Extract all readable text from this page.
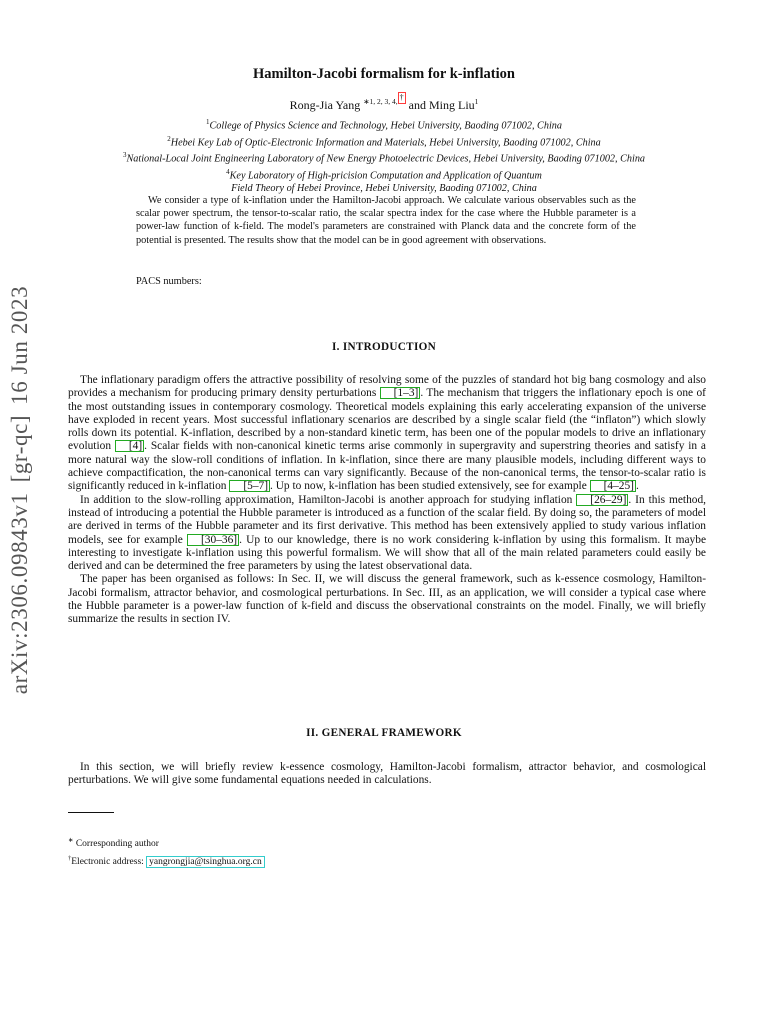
arXiv:2306.09843v1
[gr-qc]
16 Jun 2023
Hamilton-Jacobi formalism for k-inflation
Rong-Jia Yang $^{∗1, 2, 3, 4,}$ † and Ming Liu$^1$
$^1$College of Physics Science and Technology, Hebei University, Baoding 071002, China
$^2$Hebei Key Lab of Optic-Electronic Information and Materials, Hebei University, Baoding 071002, China
$^3$National-Local Joint Engineering Laboratory of New Energy Photoelectric Devices, Hebei University, Baoding 071002, China
$^4$Key Laboratory of High-pricision Computation and Application of Quantum
Field Theory of Hebei Province, Hebei University, Baoding 071002, China
We consider a type of k-inflation under the Hamilton-Jacobi approach. We calculate various observables such as the scalar power spectrum, the tensor-to-scalar ratio, the scalar spectra index for the case where the Hubble parameter is a power-law function of k-field. The model's parameters are constrained with Planck data and the concrete form of the potential is presented. The results show that the model can be in good agreement with observations.
PACS numbers:
I. INTRODUCTION

The inflationary paradigm offers the attractive possibility of resolving some of the puzzles of standard hot big bang cosmology and also provides a mechanism for producing primary density perturbations [1–3] . The mechanism that triggers the inflationary epoch is one of the most outstanding issues in contemporary cosmology. Theoretical models explaining this early accelerating expansion of the universe have exploded in recent years. Most successful inflationary scenarios are described by a single scalar field (the “inflaton”) which slowly rolls down its potential. K-inflation, described by a non-standard kinetic term, has been one of the popular models to drive an inflationary evolution [4] . Scalar fields with non-canonical kinetic terms arise commonly in supergravity and superstring theories and satisfy in a more natural way the slow-roll conditions of inflation. In k-inflation, since there are many plausible models, including different ways to achieve compactification, the non-canonical terms can vary significantly. Because of the non-canonical terms, the tensor-to-scalar ratio is significantly reduced in k-inflation [5–7] . Up to now, k-inflation has been studied extensively, see for example [4–25] .

In addition to the slow-rolling approximation, Hamilton-Jacobi is another approach for studying inflation [26–29] . In this method, instead of introducing a potential the Hubble parameter is introduced as a function of the scalar field. By doing so, the parameters of model are derived in terms of the Hubble parameter and its first derivative. This method has been extensively applied to study various inflation models, see for example [30–36] . Up to our knowledge, there is no work considering k-inflation by using this formalism. It maybe interesting to investigate k-inflation using this powerful formalism. We will show that all of the main related parameters could easily be derived and can be determined the free parameters by using the latest observational data.

The paper has been organised as follows: In Sec. II, we will discuss the general framework, such as k-essence cosmology, Hamilton-Jacobi formalism, attractor behavior, and cosmological perturbations. In Sec. III, as an application, we will consider a typical case where the Hubble parameter is a power-law function of k-field and discuss the observational constraints on the model. Finally, we will briefly summarize the results in section IV.

II. GENERAL FRAMEWORK

In this section, we will briefly review k-essence cosmology, Hamilton-Jacobi formalism, attractor behavior, and cosmological perturbations. We will give some fundamental equations needed in calculations.

∗ Corresponding author
†Electronic address: yangrongjia@tsinghua.org.cn
